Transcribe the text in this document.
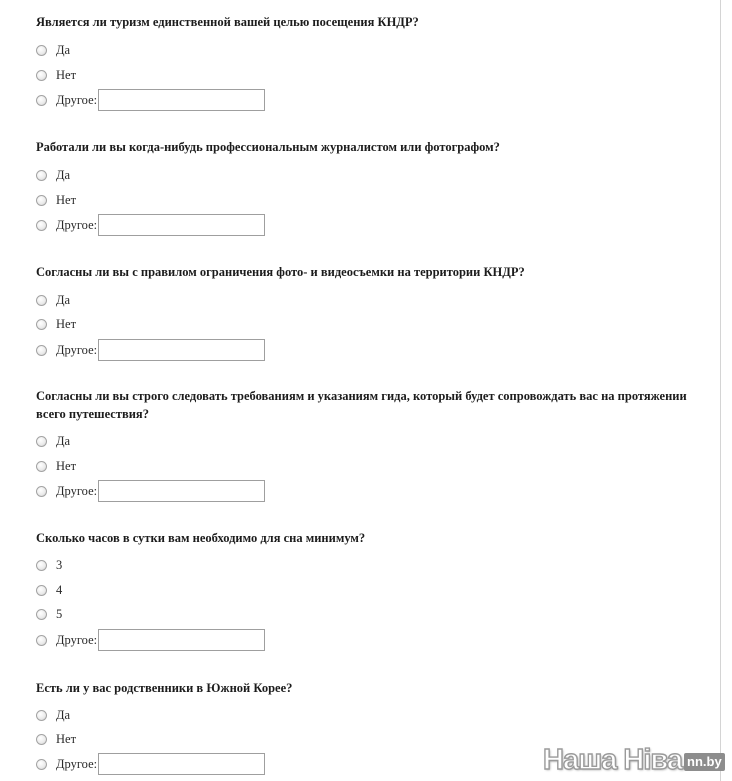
Является ли туризм единственной вашей целью посещения КНДР?
Да
Нет
Другое:
Работали ли вы когда-нибудь профессиональным журналистом или фотографом?
Да
Нет
Другое:
Согласны ли вы с правилом ограничения фото- и видеосъемки на территории КНДР?
Да
Нет
Другое:
Согласны ли вы строго следовать требованиям и указаниям гида, который будет сопровождать вас на протяжении всего путешествия?
Да
Нет
Другое:
Сколько часов в сутки вам необходимо для сна минимум?
3
4
5
Другое:
Есть ли у вас родственники в Южной Корее?
Да
Нет
Другое:	Наша Ніва nn.by
